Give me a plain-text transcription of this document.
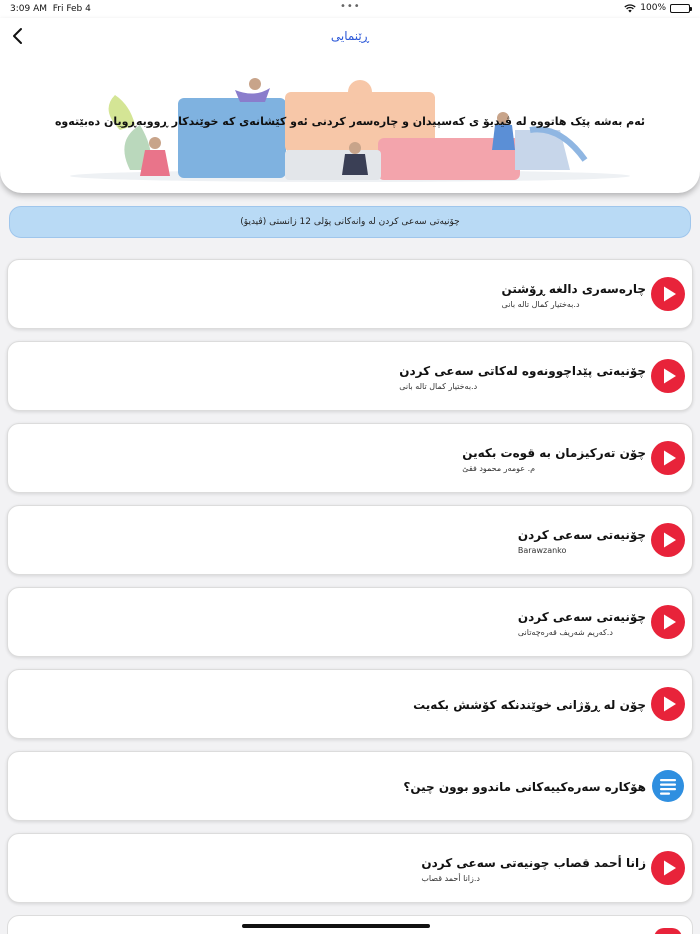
3:09 AM Fri Feb 4	•••	100%
ڕێنمایی
ئەم بەشە پێک هاتووە لە ڤیدیۆ ی کەسپیدان و چارەسەر کردنی ئەو کێشانەی کە خوێندکار ڕووبەڕویان دەبێتەوە
چۆنیەتی سەعی کردن لە وانەکانی پۆلی 12 زانستی (ڤیدیۆ)
چارەسەری دالغە ڕۆشتن
د.بەختیار کمال تالە بانی
چۆنیەتی پێداچوونەوە لەکاتی سەعی کردن
د.بەختیار کمال تالە بانی
چۆن تەرکیزمان بە قوەت بکەین
م. عومەر محمود فقێ
چۆنیەتی سەعی کردن
Barawzanko
چۆنیەتی سەعی کردن
د.کەریم شەریف قەرەچەتانی
چۆن لە ڕۆژانی خوێندنکە کۆشش بکەیت
هۆکارە سەرەکییەکانی ماندوو بوون چین؟
زانا أحمد قصاب چونیەتی سەعی کردن
د.زانا أحمد قصاب
